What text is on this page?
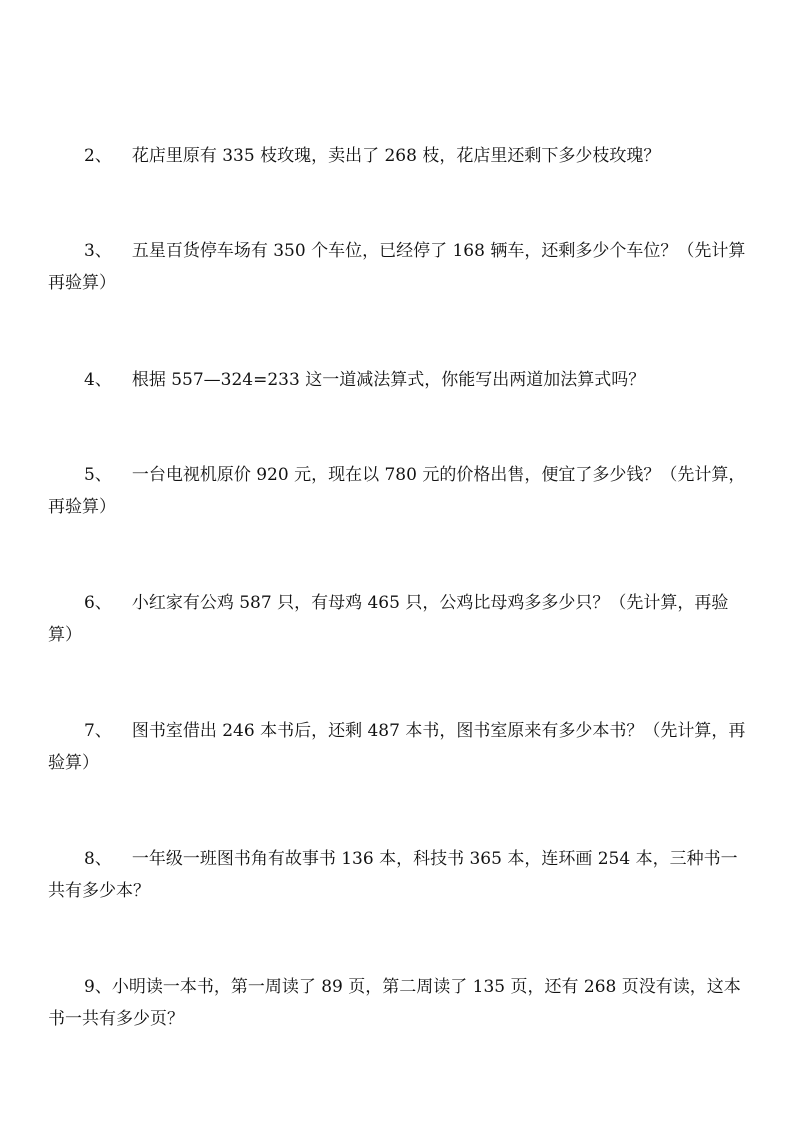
2、 花店里原有 335 枝玫瑰，卖出了 268 枝，花店里还剩下多少枝玫瑰？

3、 五星百货停车场有 350 个车位，已经停了 168 辆车，还剩多少个车位？（先计算再验算）

4、 根据 557—324=233 这一道减法算式，你能写出两道加法算式吗？

5、 一台电视机原价 920 元，现在以 780 元的价格出售，便宜了多少钱？（先计算，再验算）

6、 小红家有公鸡 587 只，有母鸡 465 只，公鸡比母鸡多多少只？（先计算，再验算）

7、 图书室借出 246 本书后，还剩 487 本书，图书室原来有多少本书？（先计算，再验算）

8、 一年级一班图书角有故事书 136 本，科技书 365 本，连环画 254 本，三种书一共有多少本？

9、小明读一本书，第一周读了 89 页，第二周读了 135 页，还有 268 页没有读，这本书一共有多少页？
